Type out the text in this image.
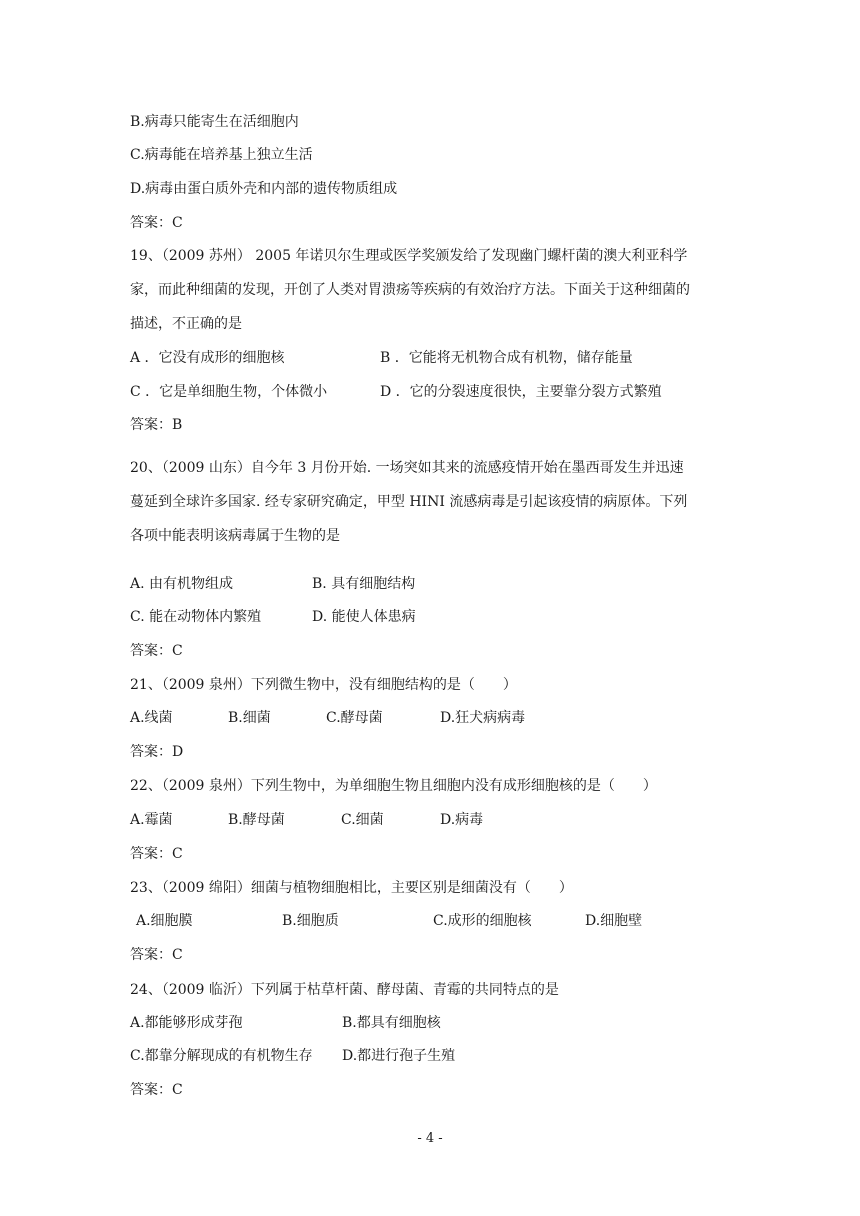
B.病毒只能寄生在活细胞内
C.病毒能在培养基上独立生活
D.病毒由蛋白质外壳和内部的遗传物质组成
答案：C
19、（2009 苏州） 2005 年诺贝尔生理或医学奖颁发给了发现幽门螺杆菌的澳大利亚科学
家，而此种细菌的发现，开创了人类对胃溃疡等疾病的有效治疗方法。下面关于这种细菌的
描述，不正确的是
A ．它没有成形的细胞核	B ．它能将无机物合成有机物，储存能量
C ．它是单细胞生物，个体微小	D ．它的分裂速度很快，主要靠分裂方式繁殖
答案：B
20、（2009 山东）自今年 3 月份开始. 一场突如其来的流感疫情开始在墨西哥发生并迅速
蔓延到全球许多国家. 经专家研究确定，甲型 HINI 流感病毒是引起该疫情的病原体。下列
各项中能表明该病毒属于生物的是
A. 由有机物组成	B. 具有细胞结构
C. 能在动物体内繁殖	D. 能使人体患病
答案：C
21、（2009 泉州）下列微生物中，没有细胞结构的是（　　）
A.线菌	B.细菌	C.酵母菌	D.狂犬病病毒
答案：D
22、（2009 泉州）下列生物中，为单细胞生物且细胞内没有成形细胞核的是（　　）
A.霉菌	B.酵母菌	C.细菌	D.病毒
答案：C
23、（2009 绵阳）细菌与植物细胞相比，主要区别是细菌没有（　　）
A.细胞膜	B.细胞质	C.成形的细胞核	D.细胞壁
答案：C
24、（2009 临沂）下列属于枯草杆菌、酵母菌、青霉的共同特点的是
A.都能够形成芽孢	B.都具有细胞核
C.都靠分解现成的有机物生存 D.都进行孢子生殖
答案：C
- 4 -
